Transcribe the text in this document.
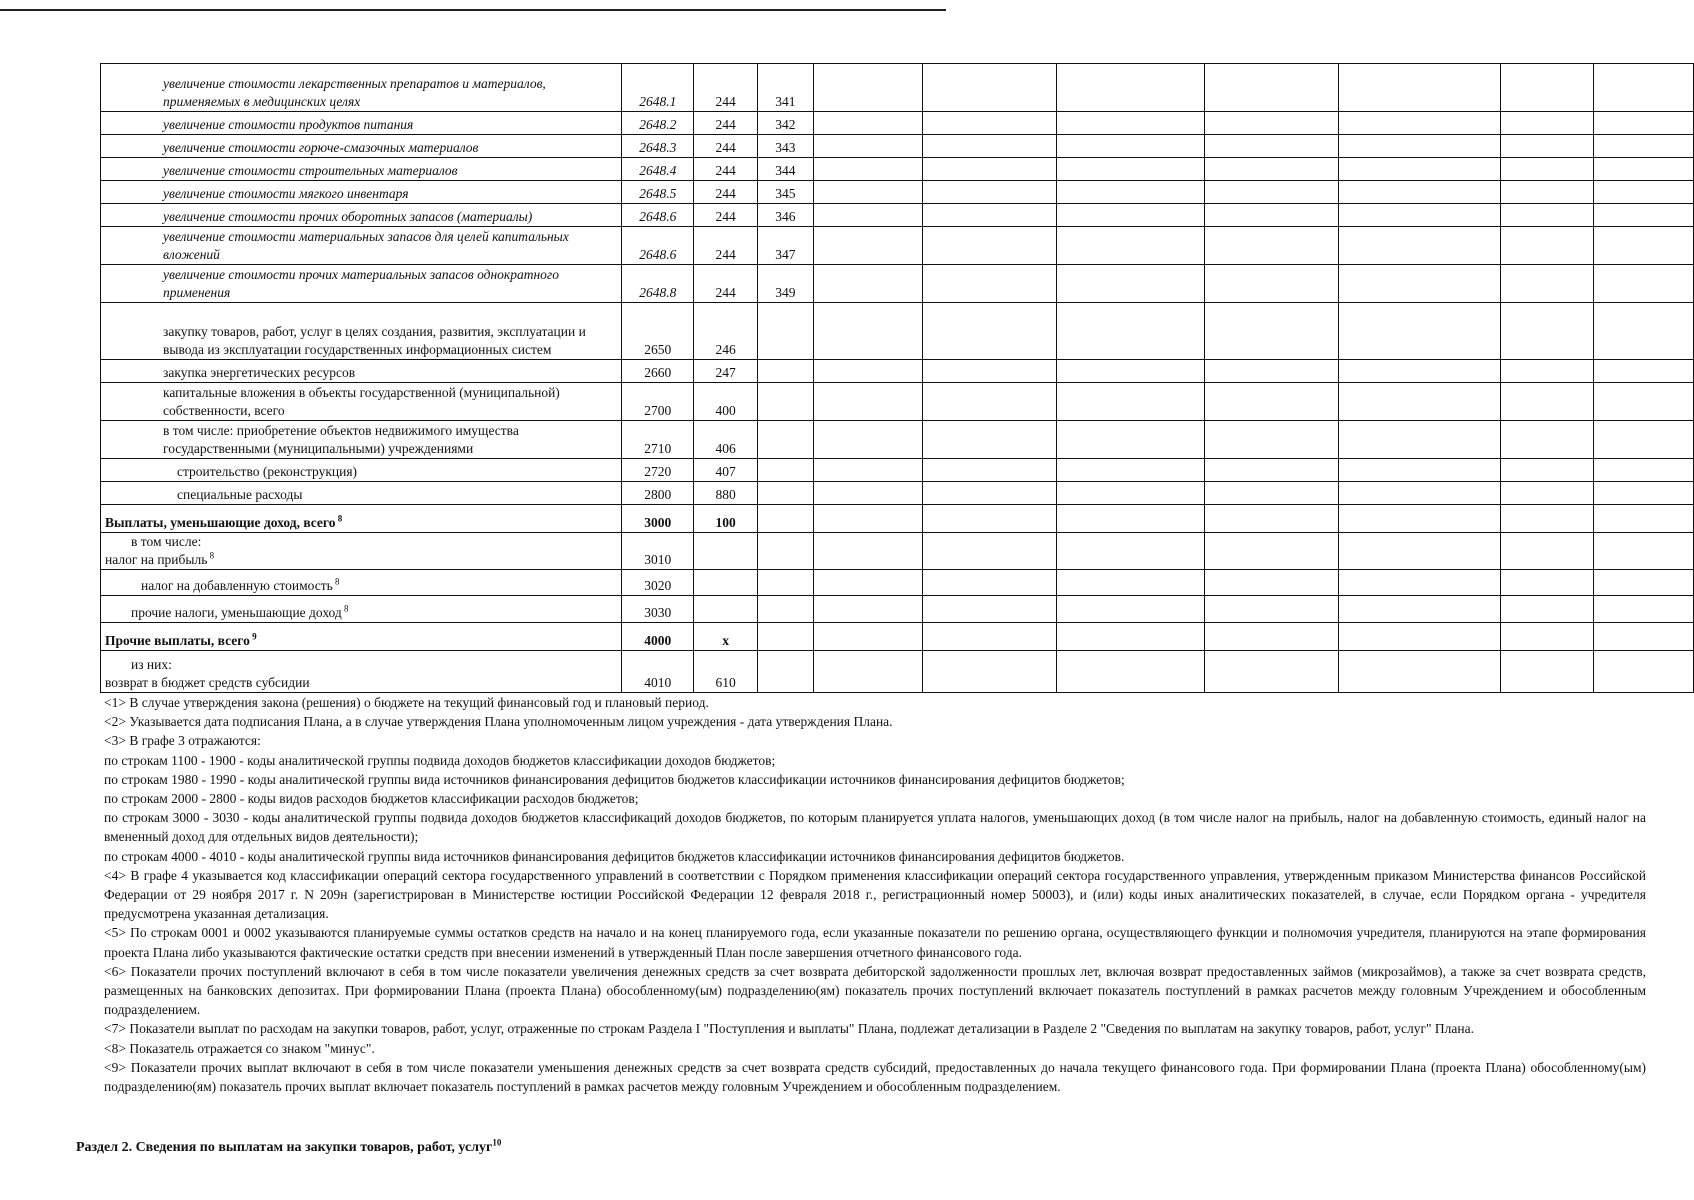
увеличение стоимости лекарственных препаратов и материалов, применяемых в медицинских целях	2648.1	244	341							

увеличение стоимости продуктов питания	2648.2	244	342							

увеличение стоимости горюче-смазочных материалов	2648.3	244	343							

увеличение стоимости строительных материалов	2648.4	244	344							

увеличение стоимости мягкого инвентаря	2648.5	244	345							

увеличение стоимости прочих оборотных запасов (материалы)	2648.6	244	346							

увеличение стоимости материальных запасов для целей капитальных вложений	2648.6	244	347							

увеличение стоимости прочих материальных запасов однократного применения	2648.8	244	349							

закупку товаров, работ, услуг в целях создания, развития, эксплуатации и вывода из эксплуатации государственных информационных систем	2650	246								

закупка энергетических ресурсов	2660	247								

капитальные вложения в объекты государственной (муниципальной) собственности, всего	2700	400								

в том числе: приобретение объектов недвижимого имущества государственными (муниципальными) учреждениями	2710	406								

строительство (реконструкция)	2720	407								

специальные расходы	2800	880								
Выплаты, уменьшающие доход, всего $^8$	3000	100								

в том числе:
налог на прибыль $^8$	3010									

налог на добавленную стоимость $^8$	3020									

прочие налоги, уменьшающие доход $^8$	3030									
Прочие выплаты, всего $^9$	4000	x								

из них:
возврат в бюджет средств субсидии	4010	610								

<1> В случае утверждения закона (решения) о бюджете на текущий финансовый год и плановый период.

<2> Указывается дата подписания Плана, а в случае утверждения Плана уполномоченным лицом учреждения - дата утверждения Плана.

<3> В графе 3 отражаются:

по строкам 1100 - 1900 - коды аналитической группы подвида доходов бюджетов классификации доходов бюджетов;

по строкам 1980 - 1990 - коды аналитической группы вида источников финансирования дефицитов бюджетов классификации источников финансирования дефицитов бюджетов;

по строкам 2000 - 2800 - коды видов расходов бюджетов классификации расходов бюджетов;

по строкам 3000 - 3030 - коды аналитической группы подвида доходов бюджетов классификаций доходов бюджетов, по которым планируется уплата налогов, уменьшающих доход (в том числе налог на прибыль, налог на добавленную стоимость, единый налог на вмененный доход для отдельных видов деятельности);

по строкам 4000 - 4010 - коды аналитической группы вида источников финансирования дефицитов бюджетов классификации источников финансирования дефицитов бюджетов.

<4> В графе 4 указывается код классификации операций сектора государственного управлений в соответствии с Порядком применения классификации операций сектора государственного управления, утвержденным приказом Министерства финансов Российской Федерации от 29 ноября 2017 г. N 209н (зарегистрирован в Министерстве юстиции Российской Федерации 12 февраля 2018 г., регистрационный номер 50003), и (или) коды иных аналитических показателей, в случае, если Порядком органа - учредителя предусмотрена указанная детализация.

<5> По строкам 0001 и 0002 указываются планируемые суммы остатков средств на начало и на конец планируемого года, если указанные показатели по решению органа, осуществляющего функции и полномочия учредителя, планируются на этапе формирования проекта Плана либо указываются фактические остатки средств при внесении изменений в утвержденный План после завершения отчетного финансового года.

<6> Показатели прочих поступлений включают в себя в том числе показатели увеличения денежных средств за счет возврата дебиторской задолженности прошлых лет, включая возврат предоставленных займов (микрозаймов), а также за счет возврата средств, размещенных на банковских депозитах. При формировании Плана (проекта Плана) обособленному(ым) подразделению(ям) показатель прочих поступлений включает показатель поступлений в рамках расчетов между головным Учреждением и обособленным подразделением.

<7> Показатели выплат по расходам на закупки товаров, работ, услуг, отраженные по строкам Раздела I "Поступления и выплаты" Плана, подлежат детализации в Разделе 2 "Сведения по выплатам на закупку товаров, работ, услуг" Плана.

<8> Показатель отражается со знаком "минус".

<9> Показатели прочих выплат включают в себя в том числе показатели уменьшения денежных средств за счет возврата средств субсидий, предоставленных до начала текущего финансового года. При формировании Плана (проекта Плана) обособленному(ым) подразделению(ям) показатель прочих выплат включает показатель поступлений в рамках расчетов между головным Учреждением и обособленным подразделением.

Раздел 2. Сведения по выплатам на закупки товаров, работ, услуг$^{10}$
